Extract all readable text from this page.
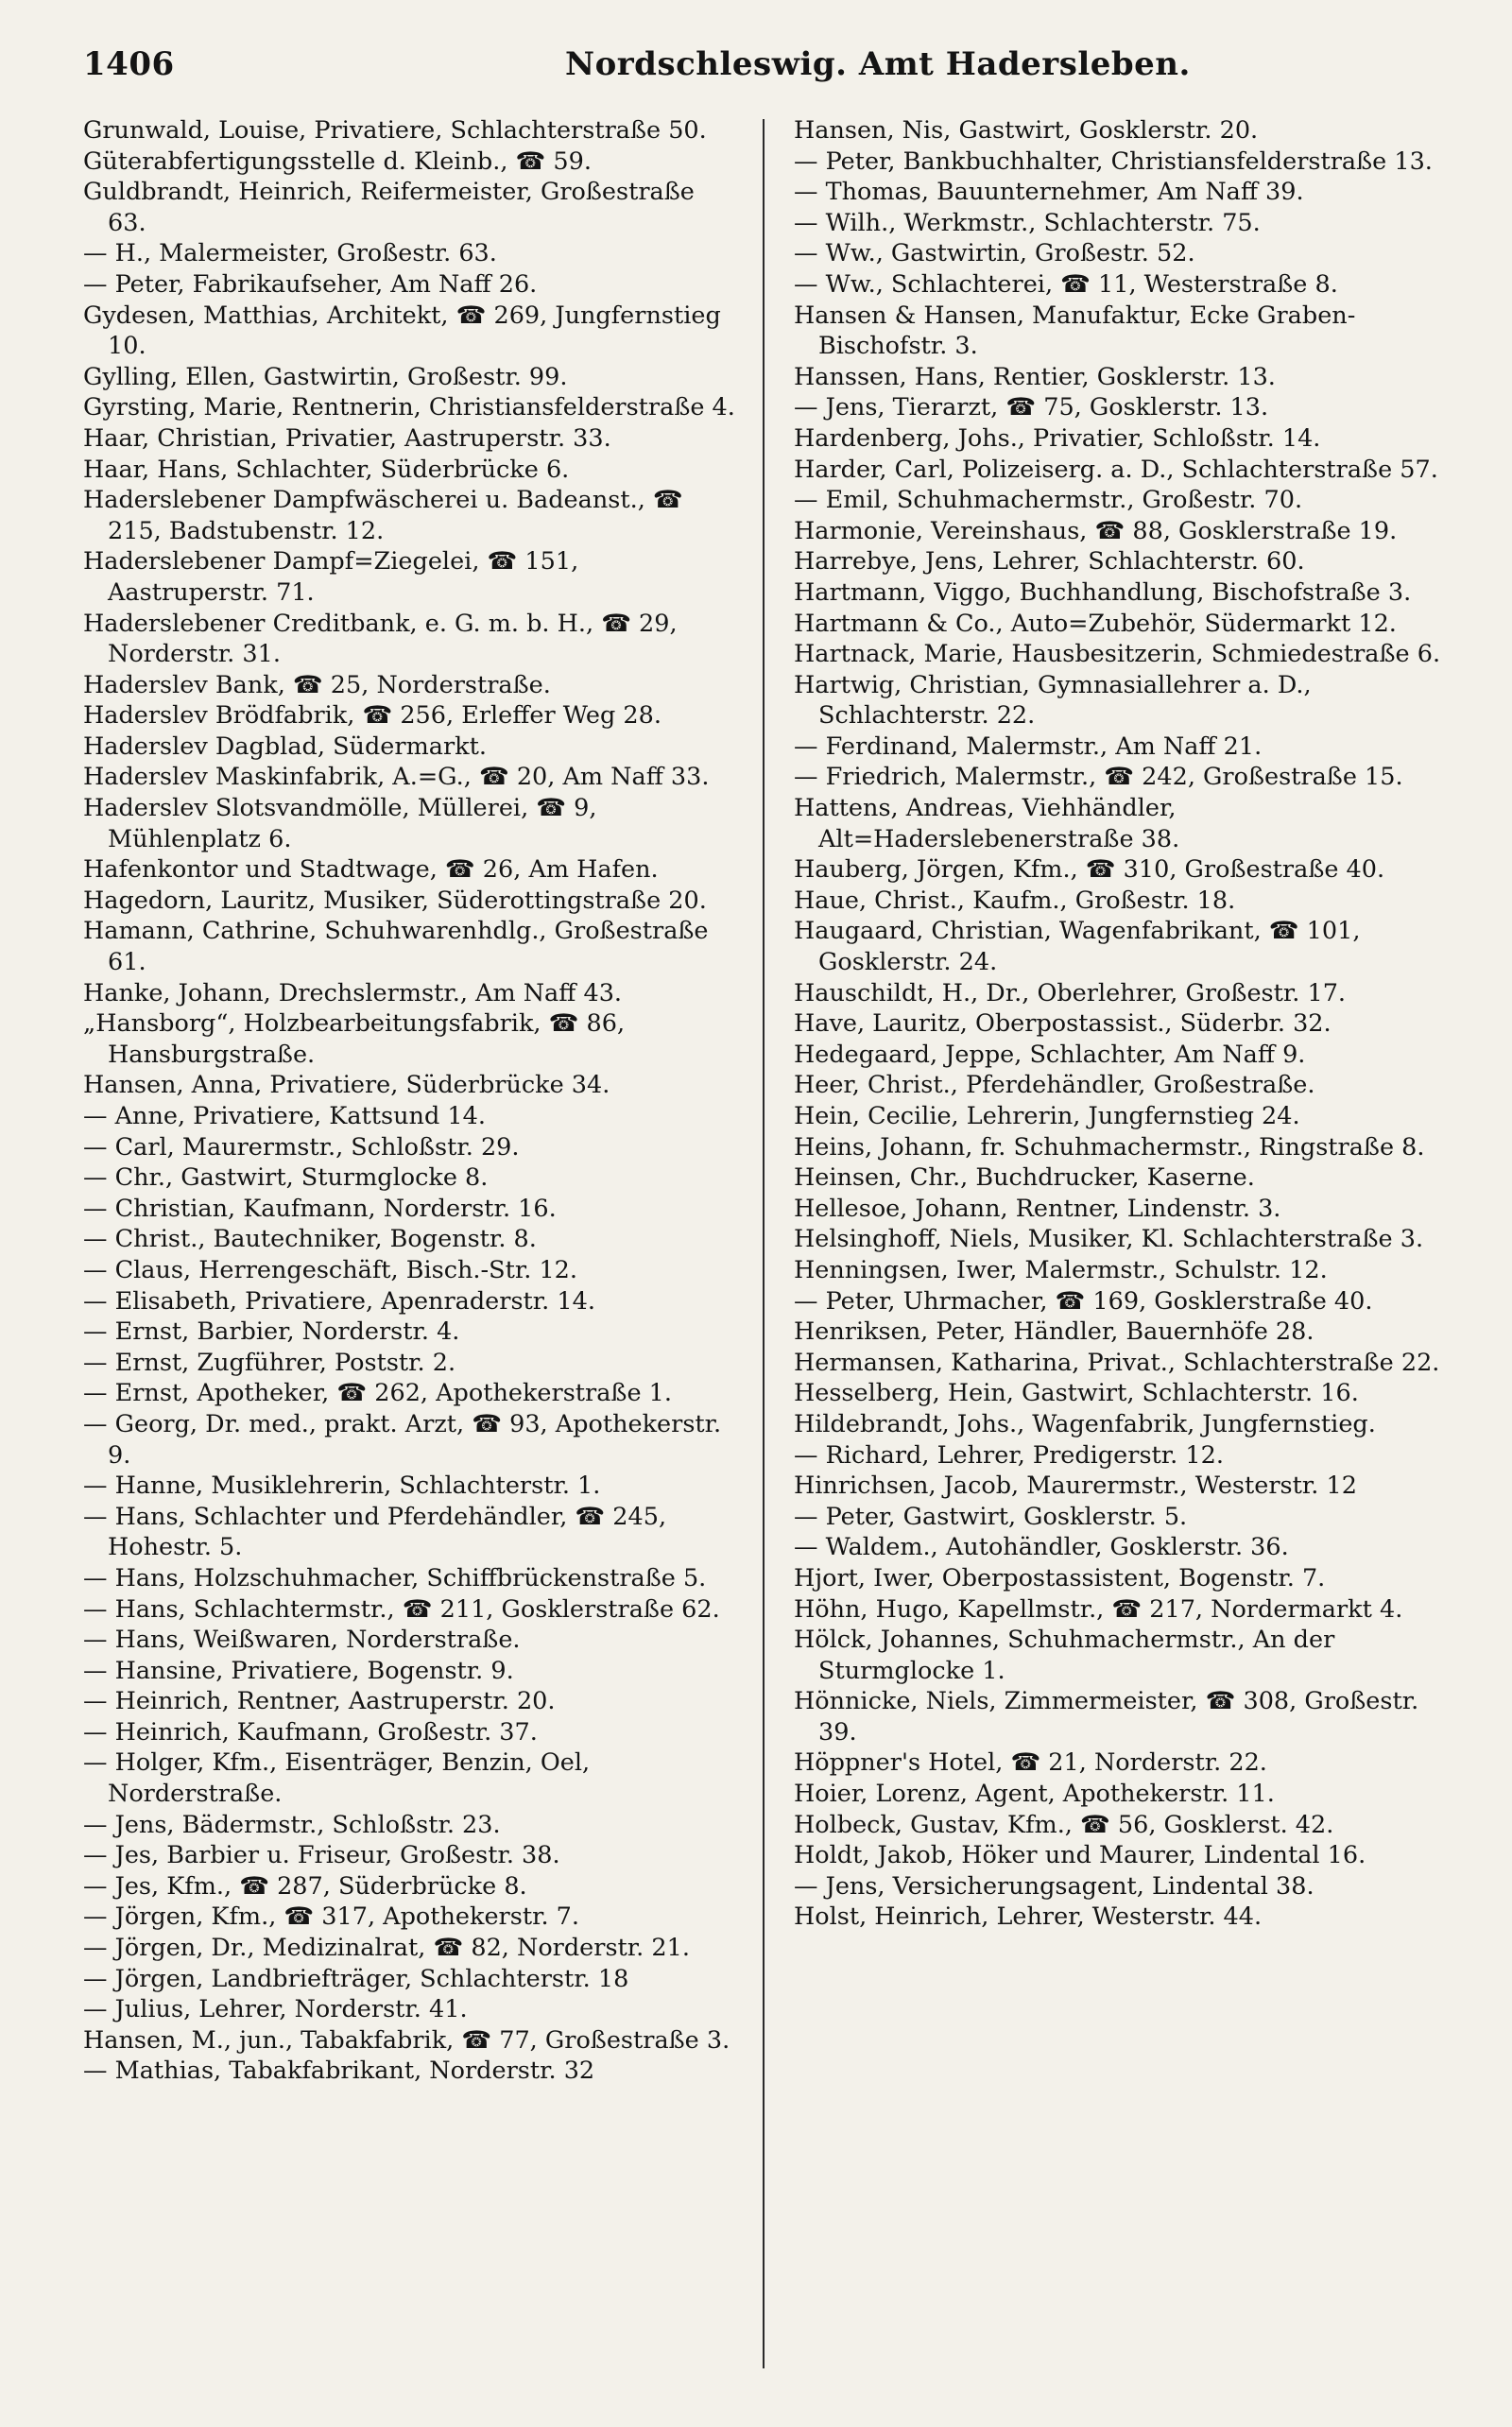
1406	Nordschleswig. Amt Hadersleben.
Grunwald, Louise, Privatiere, Schlachterstraße 50.
Güterabfertigungsstelle d. Kleinb., ☎ 59.
Guldbrandt, Heinrich, Reifermeister, Großestraße 63.
— H., Malermeister, Großestr. 63.
— Peter, Fabrikaufseher, Am Naff 26.
Gydesen, Matthias, Architekt, ☎ 269, Jungfernstieg 10.
Gylling, Ellen, Gastwirtin, Großestr. 99.
Gyrsting, Marie, Rentnerin, Christiansfelderstraße 4.
Haar, Christian, Privatier, Aastruperstr. 33.
Haar, Hans, Schlachter, Süderbrücke 6.
Haderslebener Dampfwäscherei u. Badeanst., ☎ 215, Badstubenstr. 12.
Haderslebener Dampf=Ziegelei, ☎ 151, Aastruperstr. 71.
Haderslebener Creditbank, e. G. m. b. H., ☎ 29, Norderstr. 31.
Haderslev Bank, ☎ 25, Norderstraße.
Haderslev Brödfabrik, ☎ 256, Erleffer Weg 28.
Haderslev Dagblad, Südermarkt.
Haderslev Maskinfabrik, A.=G., ☎ 20, Am Naff 33.
Haderslev Slotsvandmölle, Müllerei, ☎ 9, Mühlenplatz 6.
Hafenkontor und Stadtwage, ☎ 26, Am Hafen.
Hagedorn, Lauritz, Musiker, Süderottingstraße 20.
Hamann, Cathrine, Schuhwarenhdlg., Großestraße 61.
Hanke, Johann, Drechslermstr., Am Naff 43.
„Hansborg“, Holzbearbeitungsfabrik, ☎ 86, Hansburgstraße.
Hansen, Anna, Privatiere, Süderbrücke 34.
— Anne, Privatiere, Kattsund 14.
— Carl, Maurermstr., Schloßstr. 29.
— Chr., Gastwirt, Sturmglocke 8.
— Christian, Kaufmann, Norderstr. 16.
— Christ., Bautechniker, Bogenstr. 8.
— Claus, Herrengeschäft, Bisch.-Str. 12.
— Elisabeth, Privatiere, Apenraderstr. 14.
— Ernst, Barbier, Norderstr. 4.
— Ernst, Zugführer, Poststr. 2.
— Ernst, Apotheker, ☎ 262, Apothekerstraße 1.
— Georg, Dr. med., prakt. Arzt, ☎ 93, Apothekerstr. 9.
— Hanne, Musiklehrerin, Schlachterstr. 1.
— Hans, Schlachter und Pferdehändler, ☎ 245, Hohestr. 5.
— Hans, Holzschuhmacher, Schiffbrückenstraße 5.
— Hans, Schlachtermstr., ☎ 211, Gosklerstraße 62.
— Hans, Weißwaren, Norderstraße.
— Hansine, Privatiere, Bogenstr. 9.
— Heinrich, Rentner, Aastruperstr. 20.
— Heinrich, Kaufmann, Großestr. 37.
— Holger, Kfm., Eisenträger, Benzin, Oel, Norderstraße.
— Jens, Bädermstr., Schloßstr. 23.
— Jes, Barbier u. Friseur, Großestr. 38.
— Jes, Kfm., ☎ 287, Süderbrücke 8.
— Jörgen, Kfm., ☎ 317, Apothekerstr. 7.
— Jörgen, Dr., Medizinalrat, ☎ 82, Norderstr. 21.
— Jörgen, Landbriefträger, Schlachterstr. 18
— Julius, Lehrer, Norderstr. 41.
Hansen, M., jun., Tabakfabrik, ☎ 77, Großestraße 3.
— Mathias, Tabakfabrikant, Norderstr. 32
Hansen, Nis, Gastwirt, Gosklerstr. 20.
— Peter, Bankbuchhalter, Christiansfelderstraße 13.
— Thomas, Bauunternehmer, Am Naff 39.
— Wilh., Werkmstr., Schlachterstr. 75.
— Ww., Gastwirtin, Großestr. 52.
— Ww., Schlachterei, ☎ 11, Westerstraße 8.
Hansen & Hansen, Manufaktur, Ecke Graben-Bischofstr. 3.
Hanssen, Hans, Rentier, Gosklerstr. 13.
— Jens, Tierarzt, ☎ 75, Gosklerstr. 13.
Hardenberg, Johs., Privatier, Schloßstr. 14.
Harder, Carl, Polizeiserg. a. D., Schlachterstraße 57.
— Emil, Schuhmachermstr., Großestr. 70.
Harmonie, Vereinshaus, ☎ 88, Gosklerstraße 19.
Harrebye, Jens, Lehrer, Schlachterstr. 60.
Hartmann, Viggo, Buchhandlung, Bischofstraße 3.
Hartmann & Co., Auto=Zubehör, Südermarkt 12.
Hartnack, Marie, Hausbesitzerin, Schmiedestraße 6.
Hartwig, Christian, Gymnasiallehrer a. D., Schlachterstr. 22.
— Ferdinand, Malermstr., Am Naff 21.
— Friedrich, Malermstr., ☎ 242, Großestraße 15.
Hattens, Andreas, Viehhändler, Alt=Haderslebenerstraße 38.
Hauberg, Jörgen, Kfm., ☎ 310, Großestraße 40.
Haue, Christ., Kaufm., Großestr. 18.
Haugaard, Christian, Wagenfabrikant, ☎ 101, Gosklerstr. 24.
Hauschildt, H., Dr., Oberlehrer, Großestr. 17.
Have, Lauritz, Oberpostassist., Süderbr. 32.
Hedegaard, Jeppe, Schlachter, Am Naff 9.
Heer, Christ., Pferdehändler, Großestraße.
Hein, Cecilie, Lehrerin, Jungfernstieg 24.
Heins, Johann, fr. Schuhmachermstr., Ringstraße 8.
Heinsen, Chr., Buchdrucker, Kaserne.
Hellesoe, Johann, Rentner, Lindenstr. 3.
Helsinghoff, Niels, Musiker, Kl. Schlachterstraße 3.
Henningsen, Iwer, Malermstr., Schulstr. 12.
— Peter, Uhrmacher, ☎ 169, Gosklerstraße 40.
Henriksen, Peter, Händler, Bauernhöfe 28.
Hermansen, Katharina, Privat., Schlachterstraße 22.
Hesselberg, Hein, Gastwirt, Schlachterstr. 16.
Hildebrandt, Johs., Wagenfabrik, Jungfernstieg.
— Richard, Lehrer, Predigerstr. 12.
Hinrichsen, Jacob, Maurermstr., Westerstr. 12
— Peter, Gastwirt, Gosklerstr. 5.
— Waldem., Autohändler, Gosklerstr. 36.
Hjort, Iwer, Oberpostassistent, Bogenstr. 7.
Höhn, Hugo, Kapellmstr., ☎ 217, Nordermarkt 4.
Hölck, Johannes, Schuhmachermstr., An der Sturmglocke 1.
Hönnicke, Niels, Zimmermeister, ☎ 308, Großestr. 39.
Höppner's Hotel, ☎ 21, Norderstr. 22.
Hoier, Lorenz, Agent, Apothekerstr. 11.
Holbeck, Gustav, Kfm., ☎ 56, Gosklerst. 42.
Holdt, Jakob, Höker und Maurer, Lindental 16.
— Jens, Versicherungsagent, Lindental 38.
Holst, Heinrich, Lehrer, Westerstr. 44.
